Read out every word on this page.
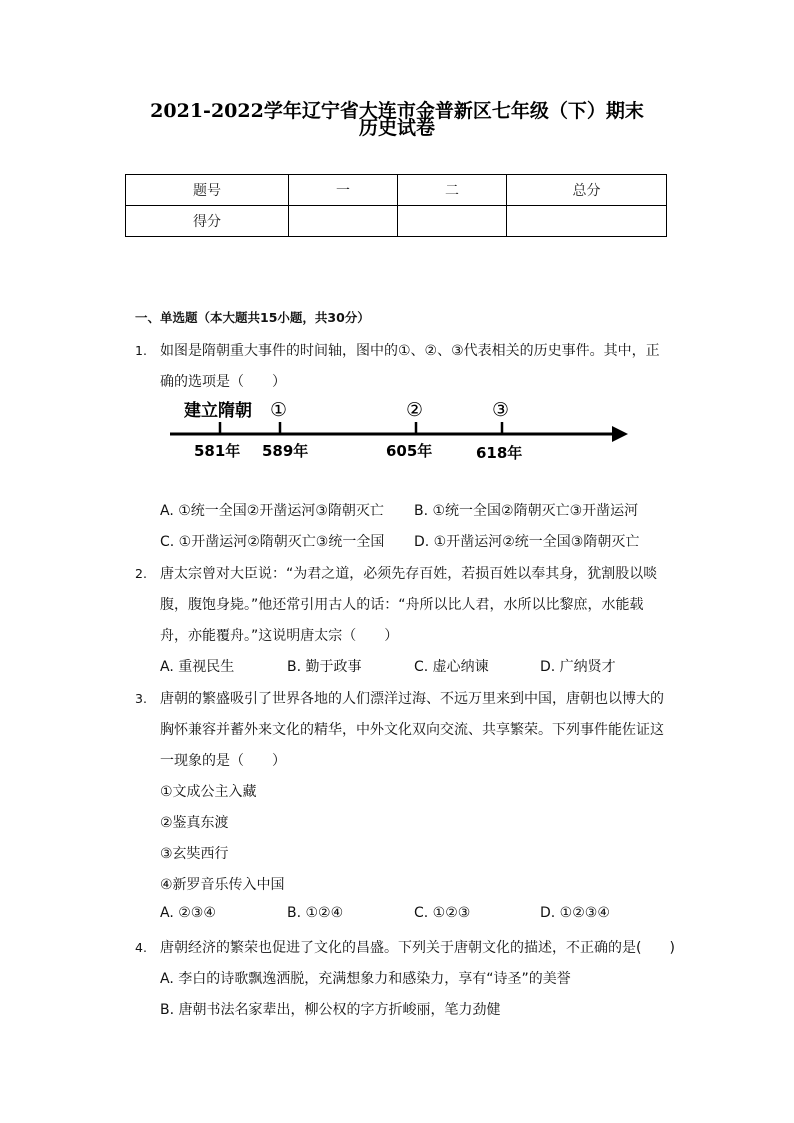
2021-2022学年辽宁省大连市金普新区七年级（下）期末
历史试卷
题号	一	二	总分
得分			
一、单选题（本大题共15小题，共30分）
1. 如图是隋朝重大事件的时间轴，图中的①、②、③代表相关的历史事件。其中，正
确的选项是（　　）
建立隋朝 ①	②	③
581年 589年	605年	618年
A. ①统一全国②开凿运河③隋朝灭亡 B. ①统一全国②隋朝灭亡③开凿运河
C. ①开凿运河②隋朝灭亡③统一全国 D. ①开凿运河②统一全国③隋朝灭亡
2. 唐太宗曾对大臣说：“为君之道，必须先存百姓，若损百姓以奉其身，犹割股以啖
腹，腹饱身毙。”他还常引用古人的话：“舟所以比人君，水所以比黎庶，水能载
舟，亦能覆舟。”这说明唐太宗（　　）
A. 重视民生	B. 勤于政事	C. 虚心纳谏	D. 广纳贤才
3. 唐朝的繁盛吸引了世界各地的人们漂洋过海、不远万里来到中国，唐朝也以博大的
胸怀兼容并蓄外来文化的精华，中外文化双向交流、共享繁荣。下列事件能佐证这
一现象的是（　　）
①文成公主入藏
②鉴真东渡
③玄奘西行
④新罗音乐传入中国
A. ②③④	B. ①②④	C. ①②③	D. ①②③④
4. 唐朝经济的繁荣也促进了文化的昌盛。下列关于唐朝文化的描述，不正确的是(　　)
A. 李白的诗歌飘逸洒脱，充满想象力和感染力，享有“诗圣”的美誉
B. 唐朝书法名家辈出，柳公权的字方折峻丽，笔力劲健
